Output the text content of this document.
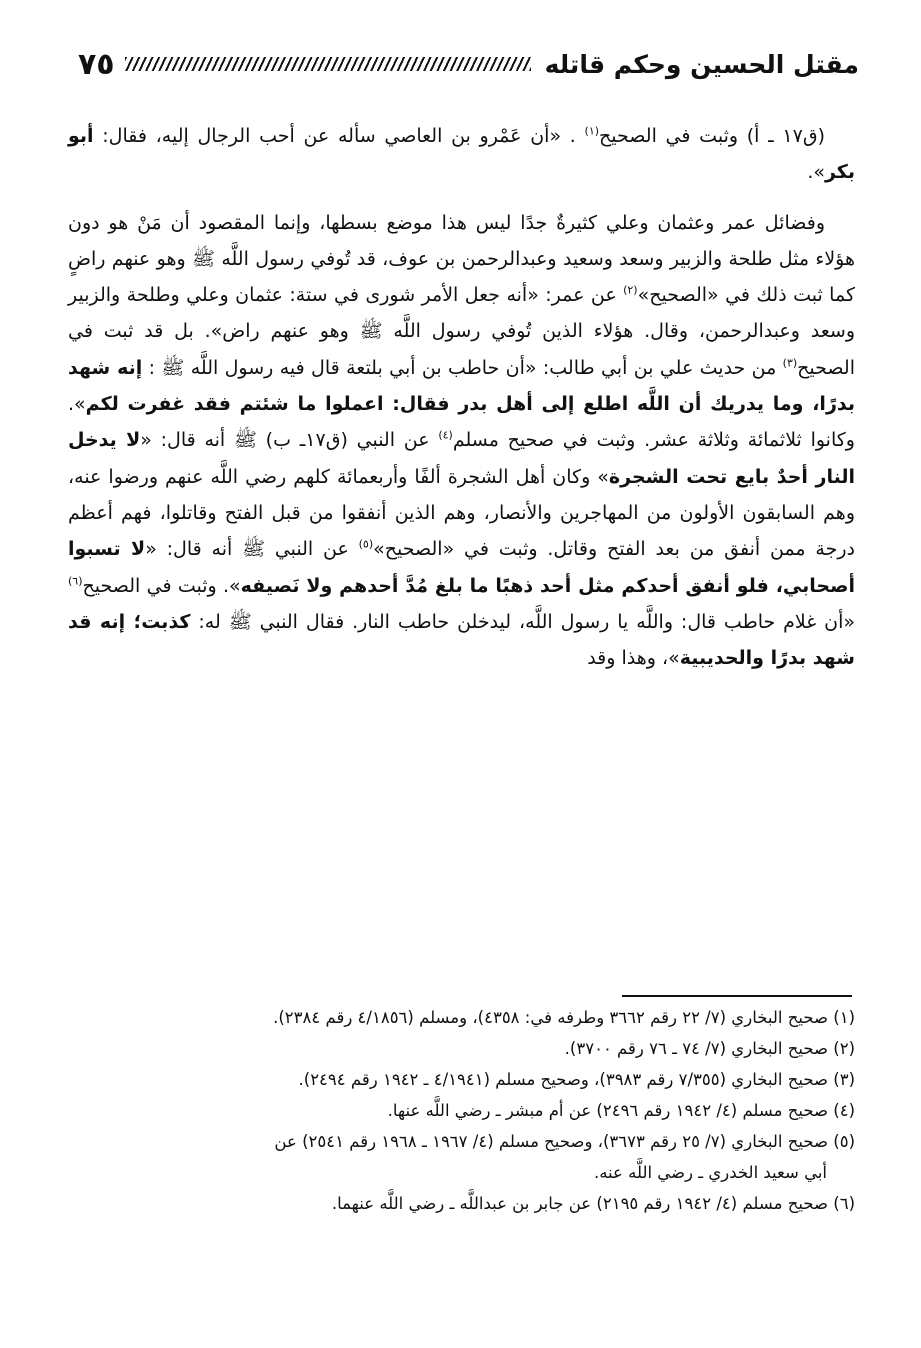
مقتل الحسين وحكم قاتله
٧٥

(ق١٧ ـ أ) وثبت في الصحيح$^{(١)}$ . «أن عَمْرو بن العاصي سأله عن أحب الرجال إليه، فقال: أبو بكر».

وفضائل عمر وعثمان وعلي كثيرةٌ جدًا ليس هذا موضع بسطها، وإنما المقصود أن مَنْ هو دون هؤلاء مثل طلحة والزبير وسعد وسعيد وعبدالرحمن بن عوف، قد تُوفي رسول اللَّه ﷺ وهو عنهم راضٍ كما ثبت ذلك في «الصحيح»$^{(٢)}$ عن عمر: «أنه جعل الأمر شورى في ستة: عثمان وعلي وطلحة والزبير وسعد وعبدالرحمن، وقال. هؤلاء الذين تُوفي رسول اللَّه ﷺ وهو عنهم راض». بل قد ثبت في الصحيح$^{(٣)}$ من حديث علي بن أبي طالب: «أن حاطب بن أبي بلتعة قال فيه رسول اللَّه ﷺ : إنه شهد بدرًا، وما يدريك أن اللَّه اطلع إلى أهل بدر فقال: اعملوا ما شئتم فقد غفرت لكم». وكانوا ثلاثمائة وثلاثة عشر. وثبت في صحيح مسلم$^{(٤)}$ عن النبي (ق١٧ـ ب) ﷺ أنه قال: «لا يدخل النار أحدٌ بايع تحت الشجرة» وكان أهل الشجرة ألفًا وأربعمائة كلهم رضي اللَّه عنهم ورضوا عنه، وهم السابقون الأولون من المهاجرين والأنصار، وهم الذين أنفقوا من قبل الفتح وقاتلوا، فهم أعظم درجة ممن أنفق من بعد الفتح وقاتل. وثبت في «الصحيح»$^{(٥)}$ عن النبي ﷺ أنه قال: «لا تسبوا أصحابي، فلو أنفق أحدكم مثل أحد ذهبًا ما بلغ مُدَّ أحدهم ولا نَصيفه». وثبت في الصحيح$^{(٦)}$ «أن غلام حاطب قال: واللَّه يا رسول اللَّه، ليدخلن حاطب النار. فقال النبي ﷺ له: كذبت؛ إنه قد شهد بدرًا والحديبية»، وهذا وقد

(١) صحيح البخاري (٧/ ٢٢ رقم ٣٦٦٢ وطرفه في: ٤٣٥٨)، ومسلم (٤/١٨٥٦ رقم ٢٣٨٤).

(٢) صحيح البخاري (٧/ ٧٤ ـ ٧٦ رقم ٣٧٠٠).

(٣) صحيح البخاري (٧/٣٥٥ رقم ٣٩٨٣)، وصحيح مسلم (٤/١٩٤١ ـ ١٩٤٢ رقم ٢٤٩٤).

(٤) صحيح مسلم (٤/ ١٩٤٢ رقم ٢٤٩٦) عن أم مبشر ـ رضي اللَّه عنها.

(٥) صحيح البخاري (٧/ ٢٥ رقم ٣٦٧٣)، وصحيح مسلم (٤/ ١٩٦٧ ـ ١٩٦٨ رقم ٢٥٤١) عن
أبي سعيد الخدري ـ رضي اللَّه عنه.

(٦) صحيح مسلم (٤/ ١٩٤٢ رقم ٢١٩٥) عن جابر بن عبداللَّه ـ رضي اللَّه عنهما.
